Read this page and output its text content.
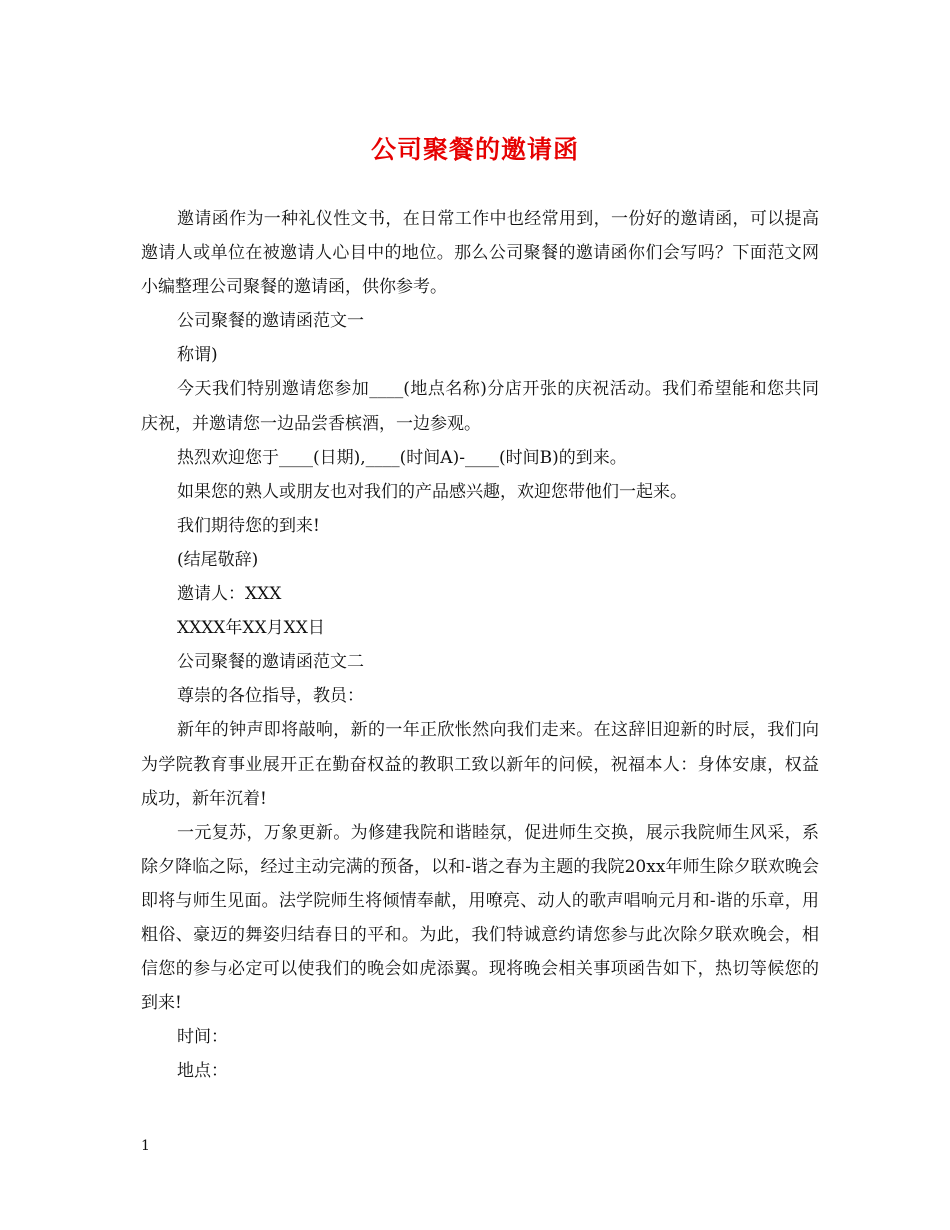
公司聚餐的邀请函

邀请函作为一种礼仪性文书，在日常工作中也经常用到，一份好的邀请函，可以提高邀请人或单位在被邀请人心目中的地位。那么公司聚餐的邀请函你们会写吗？下面范文网小编整理公司聚餐的邀请函，供你参考。

公司聚餐的邀请函范文一

称谓)

今天我们特别邀请您参加____(地点名称)分店开张的庆祝活动。我们希望能和您共同庆祝，并邀请您一边品尝香槟酒，一边参观。

热烈欢迎您于____(日期),____(时间A)-____(时间B)的到来。

如果您的熟人或朋友也对我们的产品感兴趣，欢迎您带他们一起来。

我们期待您的到来!

(结尾敬辞)

邀请人：XXX

XXXX年XX月XX日

公司聚餐的邀请函范文二

尊崇的各位指导，教员：

新年的钟声即将敲响，新的一年正欣怅然向我们走来。在这辞旧迎新的时辰，我们向为学院教育事业展开正在勤奋权益的教职工致以新年的问候，祝福本人：身体安康，权益成功，新年沉着!

一元复苏，万象更新。为修建我院和谐睦氛，促进师生交换，展示我院师生风采，系除夕降临之际，经过主动完满的预备，以和-谐之春为主题的我院20xx年师生除夕联欢晚会即将与师生见面。法学院师生将倾情奉献，用嘹亮、动人的歌声唱响元月和-谐的乐章，用粗俗、豪迈的舞姿归结春日的平和。为此，我们特诚意约请您参与此次除夕联欢晚会，相信您的参与必定可以使我们的晚会如虎添翼。现将晚会相关事项函告如下，热切等候您的到来!

时间：

地点：

1
